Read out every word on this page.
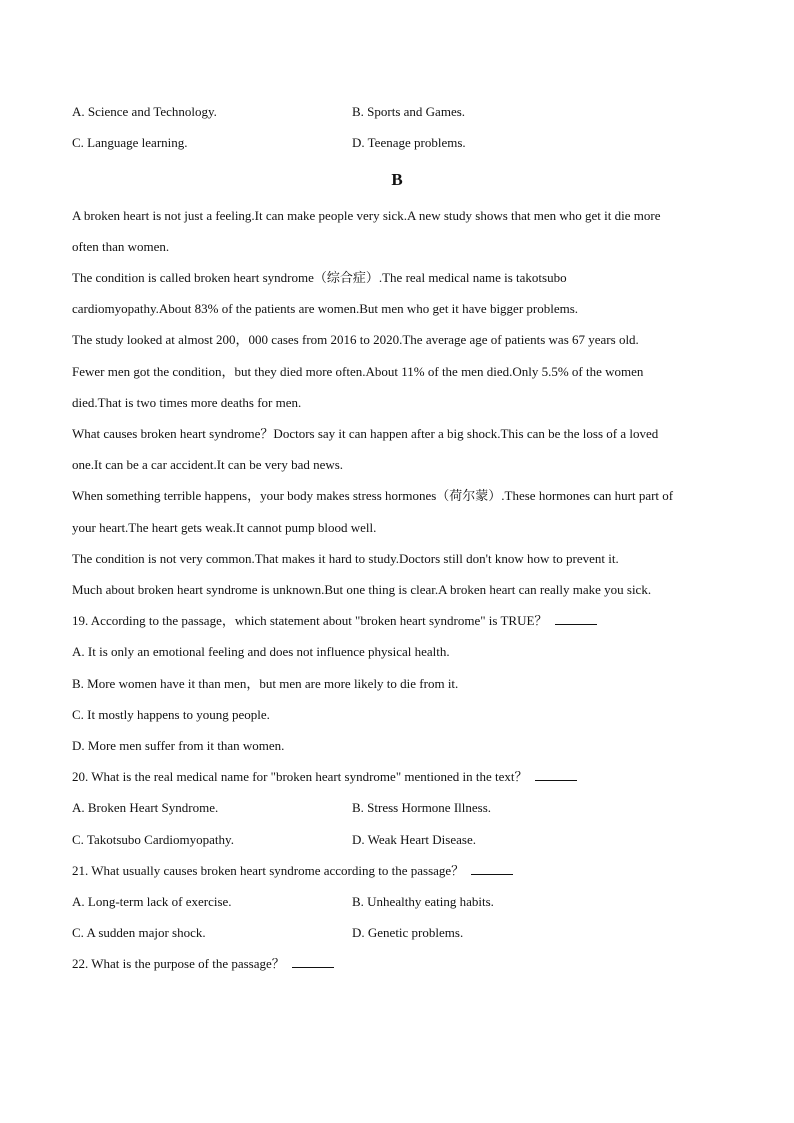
A. Science and Technology.	B. Sports and Games.
C. Language learning.	D. Teenage problems.
B
A broken heart is not just a feeling.It can make people very sick.A new study shows that men who get it die more
often than women.
The condition is called broken heart syndrome（综合症）.The real medical name is takotsubo
cardiomyopathy.About 83% of the patients are women.But men who get it have bigger problems.
The study looked at almost 200，000 cases from 2016 to 2020.The average age of patients was 67 years old.
Fewer men got the condition，but they died more often.About 11% of the men died.Only 5.5% of the women
died.That is two times more deaths for men.
What causes broken heart syndrome？Doctors say it can happen after a big shock.This can be the loss of a loved
one.It can be a car accident.It can be very bad news.
When something terrible happens，your body makes stress hormones（荷尔蒙）.These hormones can hurt part of
your heart.The heart gets weak.It cannot pump blood well.
The condition is not very common.That makes it hard to study.Doctors still don't know how to prevent it.
Much about broken heart syndrome is unknown.But one thing is clear.A broken heart can really make you sick.
19. According to the passage，which statement about "broken heart syndrome" is TRUE？
A. It is only an emotional feeling and does not influence physical health.
B. More women have it than men，but men are more likely to die from it.
C. It mostly happens to young people.
D. More men suffer from it than women.
20. What is the real medical name for "broken heart syndrome" mentioned in the text？
A. Broken Heart Syndrome.	B. Stress Hormone Illness.
C. Takotsubo Cardiomyopathy.	D. Weak Heart Disease.
21. What usually causes broken heart syndrome according to the passage？
A. Long-term lack of exercise.	B. Unhealthy eating habits.
C. A sudden major shock.	D. Genetic problems.
22. What is the purpose of the passage？
